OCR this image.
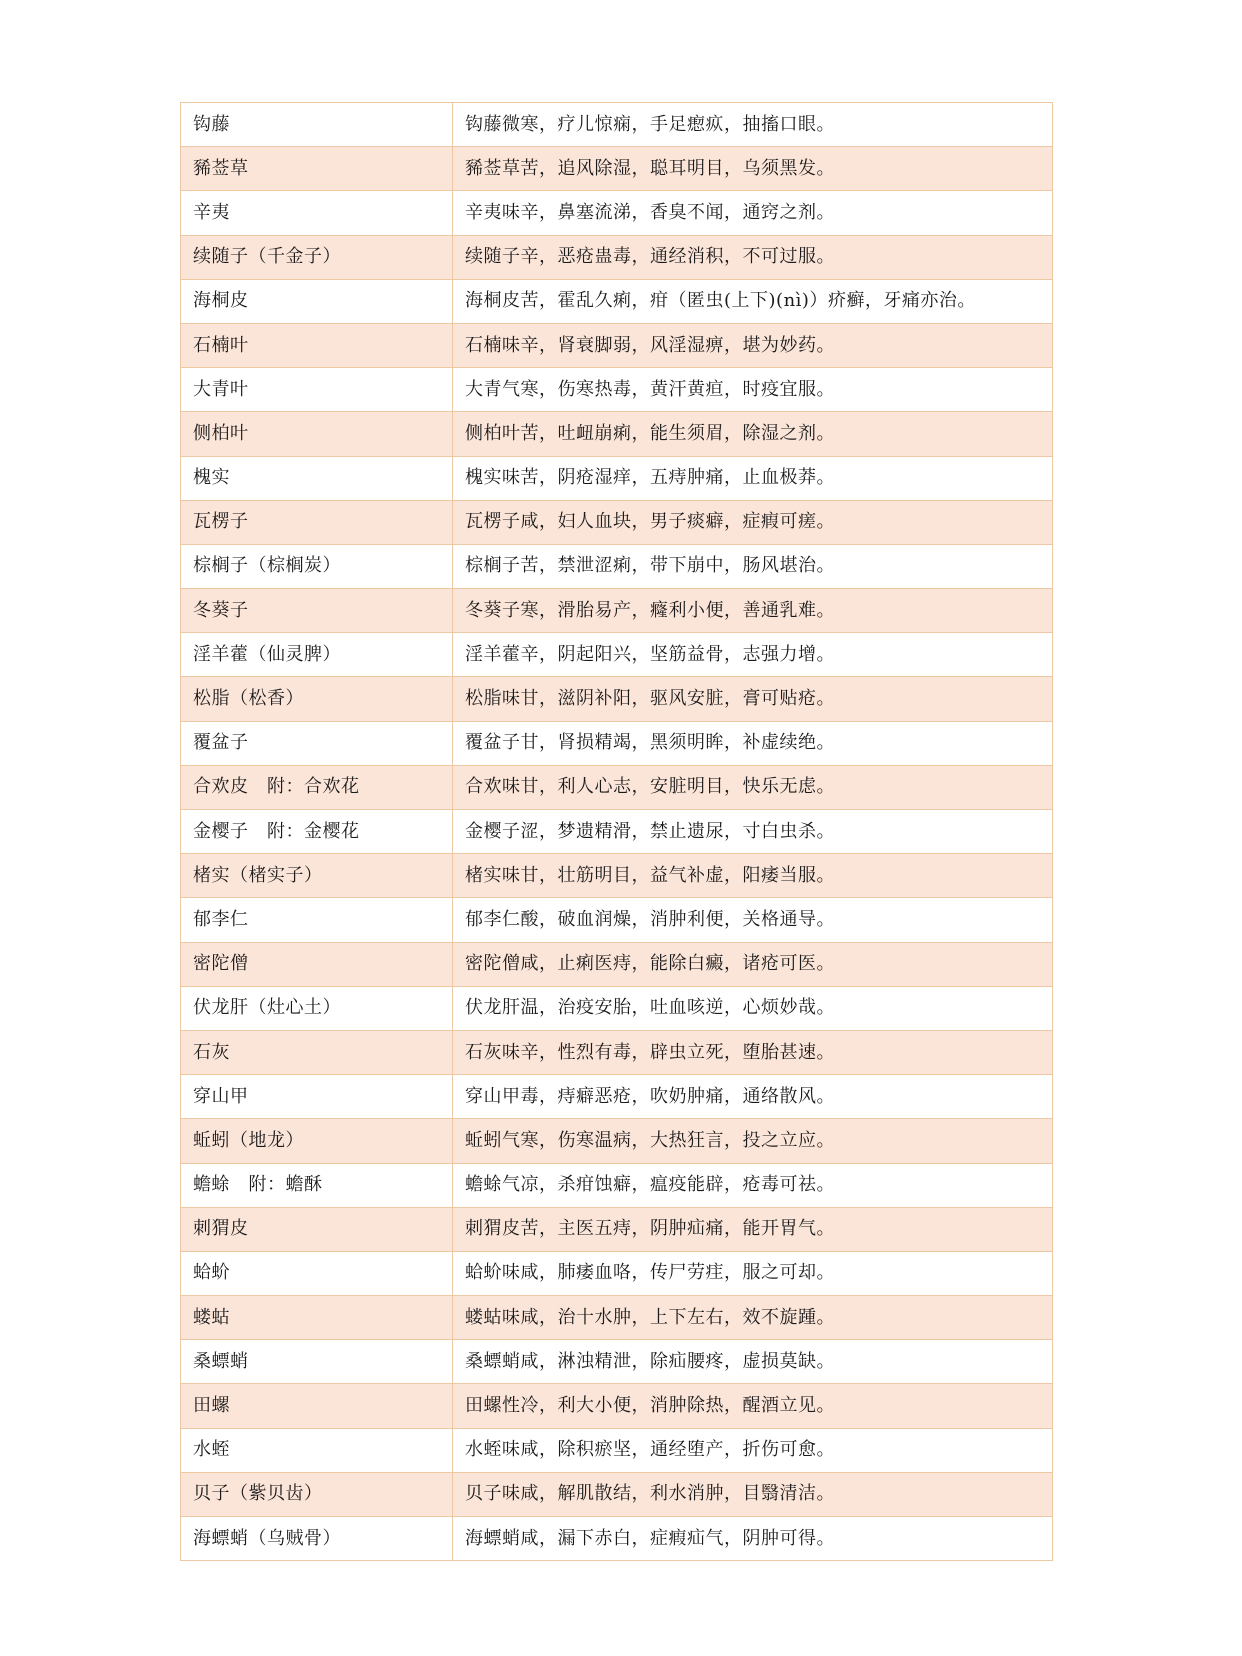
钩藤	钩藤微寒，疗儿惊痫，手足瘛疭，抽搐口眼。
豨莶草	豨莶草苦，追风除湿，聪耳明目，乌须黑发。
辛夷	辛夷味辛，鼻塞流涕，香臭不闻，通窍之剂。
续随子（千金子）	续随子辛，恶疮蛊毒，通经消积，不可过服。
海桐皮	海桐皮苦，霍乱久痢，疳（匿虫(上下)(nì)）疥癣，牙痛亦治。
石楠叶	石楠味辛，肾衰脚弱，风淫湿痹，堪为妙药。
大青叶	大青气寒，伤寒热毒，黄汗黄疸，时疫宜服。
侧柏叶	侧柏叶苦，吐衄崩痢，能生须眉，除湿之剂。
槐实	槐实味苦，阴疮湿痒，五痔肿痛，止血极莽。
瓦楞子	瓦楞子咸，妇人血块，男子痰癖，症瘕可瘥。
棕榈子（棕榈炭）	棕榈子苦，禁泄涩痢，带下崩中，肠风堪治。
冬葵子	冬葵子寒，滑胎易产，癃利小便，善通乳难。
淫羊藿（仙灵脾）	淫羊藿辛，阴起阳兴，坚筋益骨，志强力增。
松脂（松香）	松脂味甘，滋阴补阳，驱风安脏，膏可贴疮。
覆盆子	覆盆子甘，肾损精竭，黑须明眸，补虚续绝。
合欢皮　附：合欢花	合欢味甘，利人心志，安脏明目，快乐无虑。
金樱子　附：金樱花	金樱子涩，梦遗精滑，禁止遗尿，寸白虫杀。
楮实（楮实子）	楮实味甘，壮筋明目，益气补虚，阳痿当服。
郁李仁	郁李仁酸，破血润燥，消肿利便，关格通导。
密陀僧	密陀僧咸，止痢医痔，能除白癜，诸疮可医。
伏龙肝（灶心土）	伏龙肝温，治疫安胎，吐血咳逆，心烦妙哉。
石灰	石灰味辛，性烈有毒，辟虫立死，堕胎甚速。
穿山甲	穿山甲毒，痔癖恶疮，吹奶肿痛，通络散风。
蚯蚓（地龙）	蚯蚓气寒，伤寒温病，大热狂言，投之立应。
蟾蜍　附：蟾酥	蟾蜍气凉，杀疳蚀癖，瘟疫能辟，疮毒可祛。
刺猬皮	刺猬皮苦，主医五痔，阴肿疝痛，能开胃气。
蛤蚧	蛤蚧味咸，肺痿血咯，传尸劳疰，服之可却。
蝼蛄	蝼蛄味咸，治十水肿，上下左右，效不旋踵。
桑螵蛸	桑螵蛸咸，淋浊精泄，除疝腰疼，虚损莫缺。
田螺	田螺性冷，利大小便，消肿除热，醒酒立见。
水蛭	水蛭味咸，除积瘀坚，通经堕产，折伤可愈。
贝子（紫贝齿）	贝子味咸，解肌散结，利水消肿，目翳清洁。
海螵蛸（乌贼骨）	海螵蛸咸，漏下赤白，症瘕疝气，阴肿可得。
